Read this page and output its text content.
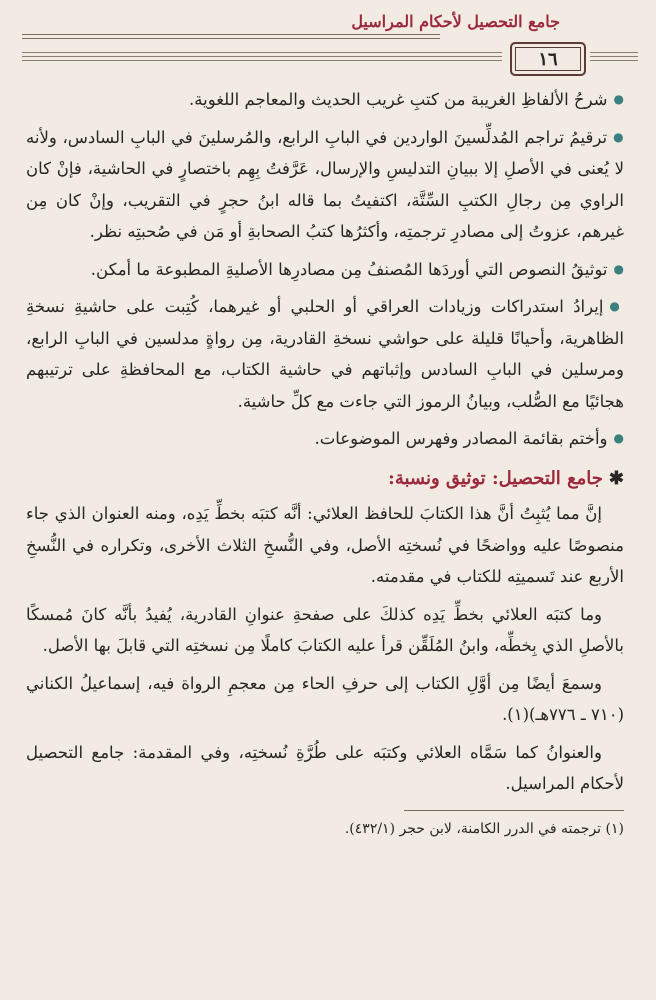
جامع التحصيل لأحكام المراسيل
١٦

● شرحُ الألفاظِ الغريبة من كتبِ غريب الحديث والمعاجم اللغوية.

● ترقيمُ تراجم المُدلِّسينَ الواردين في البابِ الرابع، والمُرسلينَ في البابِ السادس، ولأنه لا يُعنى في الأصلِ إلا ببيانِ التدليسِ والإرسال، عَرَّفتُ بِهِم باختصارٍ في الحاشية، فإنْ كان الراوي مِن رجالِ الكتبِ السِّتَّة، اكتفيتُ بما قاله ابنُ حجرٍ في التقريب، وإنْ كان مِن غيرهم، عزوتُ إلى مصادرِ ترجمتِه، وأكثرُها كتبُ الصحابةِ أو مَن في صُحبتِه نظر.

● توثيقُ النصوص التي أوردَها المُصنفُ مِن مصادرِها الأصليةِ المطبوعة ما أمكن.

● إيرادُ استدراكات وزيادات العراقي أو الحلبي أو غيرهما، كُتِبت على حاشيةِ نسخةِ الظاهرية، وأحيانًا قليلة على حواشي نسخةِ القادرية، مِن رواةٍ مدلسين في البابِ الرابع، ومرسلين في البابِ السادس وإثباتهم في حاشية الكتاب، مع المحافظةِ على ترتيبهم هجائيًا مع الصُّلب، وبيانُ الرموز التي جاءت مع كلِّ حاشية.

● وأختم بقائمة المصادر وفهرس الموضوعات.

✱جامع التحصيل: توثيق ونسبة:

إنَّ مما يُثبِتُ أنَّ هذا الكتابَ للحافظ العلائي: أنَّه كتبَه بخطِّ يَدِه، ومنه العنوان الذي جاء منصوصًا عليه وواضحًا في نُسختِه الأصل، وفي النُّسخِ الثلاث الأخرى، وتكراره في النُّسخِ الأربع عند تَسميتِه للكتاب في مقدمته.

وما كتبَه العلائي بخطِّ يَدِه كذلكَ على صفحةِ عنوانِ القادرية، يُفيدُ بأنَّه كانَ مُمسكًا بالأصلِ الذي بِخطِّه، وابنُ المُلَقِّن قرأ عليه الكتابَ كاملًا مِن نسختِه التي قابلَ بها الأصل.

وسمعَ أيضًا مِن أوَّلِ الكتاب إلى حرفِ الحاء مِن معجمِ الرواة فيه، إسماعيلُ الكناني (٧١٠ ـ ٧٧٦هـ)(١).

والعنوانُ كما سَمَّاه العلائي وكتبَه على طُرَّةِ نُسختِه، وفي المقدمة: جامع التحصيل لأحكام المراسيل.

(١) ترجمته في الدرر الكامنة، لابن حجر (٤٣٢/١).
